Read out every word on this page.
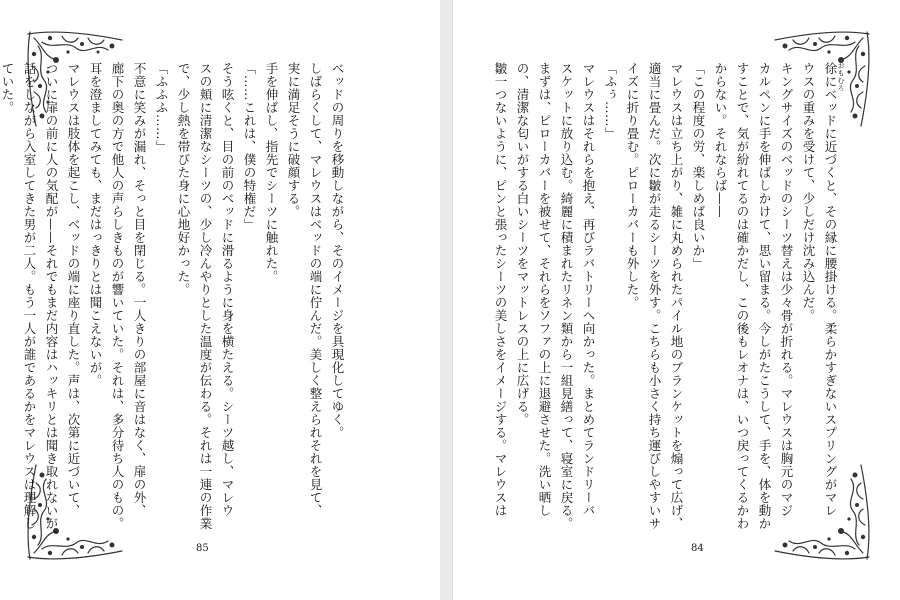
ベッドの周りを移動しながら、そのイメージを具現化してゆく。
しばらくして、マレウスはベッドの端に佇んだ。美しく整えられそれを見て、
実に満足そうに破顔する。
手を伸ばし、指先でシーツに触れた。
「……これは、僕の特権だ」
そう呟くと、目の前のベッドに滑るように身を横たえる。シーツ越し、マレウ
スの頬に清潔なシーツの、少し冷んやりとした温度が伝わる。それは一連の作業
で、少し熱を帯びた身に心地好かった。
「ふふふ……」
不意に笑みが漏れ、そっと目を閉じる。一人きりの部屋に音はなく、扉の外、
廊下の奥の方で他人の声らしきものが響いていた。それは、多分待ち人のもの。
耳を澄ましてみても、まだはっきりとは聞こえないが。
マレウスは肢体を起こし、ベッドの端に座り直した。声は、次第に近づいて、
ついに扉の前に人の気配が——それでもまだ内容はハッキリとは聞き取れないが、
話をしながら入室してきた男が二人。もう一人が誰であるかをマレウスは理解し
ていた。
85
おもむろ
徐にベッドに近づくと、その縁に腰掛ける。柔らかすぎないスプリングがマレ
ウスの重みを受けて、少しだけ沈み込んだ。
キングサイズのベッドのシーツ替えは少々骨が折れる。マレウスは胸元のマジ
カルペンに手を伸ばしかけて、思い留まる。今しがたこうして、手を、体を動か
すことで、気が紛れてるのは確かだし、この後もレオナは、いつ戻ってくるかわ
からない。それならば——
「この程度の労、楽しめば良いか」
マレウスは立ち上がり、雑に丸められたパイル地のブランケットを煽って広げ、
適当に畳んだ。次に皺が走るシーツを外す。こちらも小さく持ち運びしやすいサ
イズに折り畳む。ピローカバーも外した。
「ふぅ……」
マレウスはそれらを抱え、再びラバトリーへ向かった。まとめてランドリーバ
スケットに放り込む。綺麗に積まれたリネン類から一組見繕って、寝室に戻る。
まずは、ピローカバーを被せて、それらをソファの上に退避させた。洗い晒し
の、清潔な匂いがする白いシーツをマットレスの上に広げる。
皺一つないように、ピンと張ったシーツの美しさをイメージする。マレウスは
84
